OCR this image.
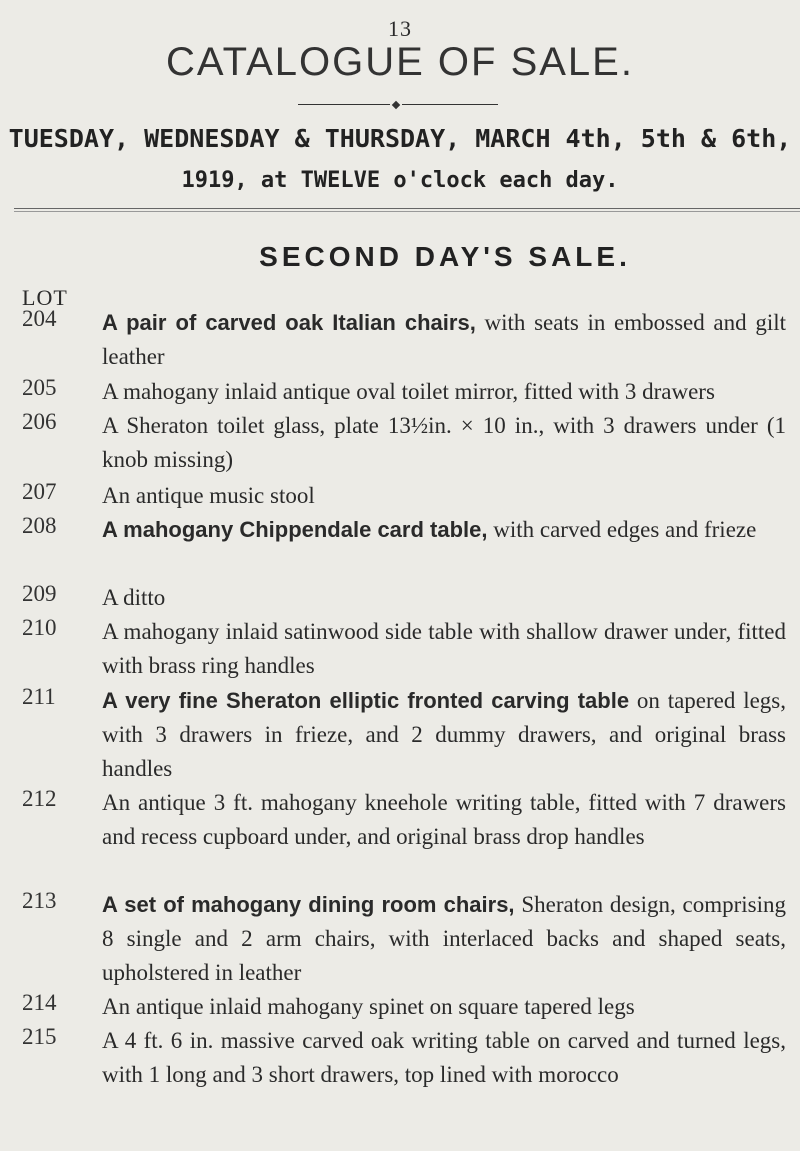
13
CATALOGUE OF SALE.
TUESDAY, WEDNESDAY & THURSDAY, MARCH 4th, 5th & 6th,
1919, at TWELVE o'clock each day.
SECOND DAY'S SALE.
LOT
204 A pair of carved oak Italian chairs, with seats in embossed and gilt leather
205 A mahogany inlaid antique oval toilet mirror, fitted with 3 drawers
206 A Sheraton toilet glass, plate 13½in. × 10 in., with 3 drawers under (1 knob missing)
207 An antique music stool
208 A mahogany Chippendale card table, with carved edges and frieze
209 A ditto
210 A mahogany inlaid satinwood side table with shallow drawer under, fitted with brass ring handles
211 A very fine Sheraton elliptic fronted carving table on tapered legs, with 3 drawers in frieze, and 2 dummy drawers, and original brass handles
212 An antique 3 ft. mahogany kneehole writing table, fitted with 7 drawers and recess cupboard under, and original brass drop handles
213 A set of mahogany dining room chairs, Sheraton design, comprising 8 single and 2 arm chairs, with interlaced backs and shaped seats, upholstered in leather
214 An antique inlaid mahogany spinet on square tapered legs
215 A 4 ft. 6 in. massive carved oak writing table on carved and turned legs, with 1 long and 3 short drawers, top lined with morocco
